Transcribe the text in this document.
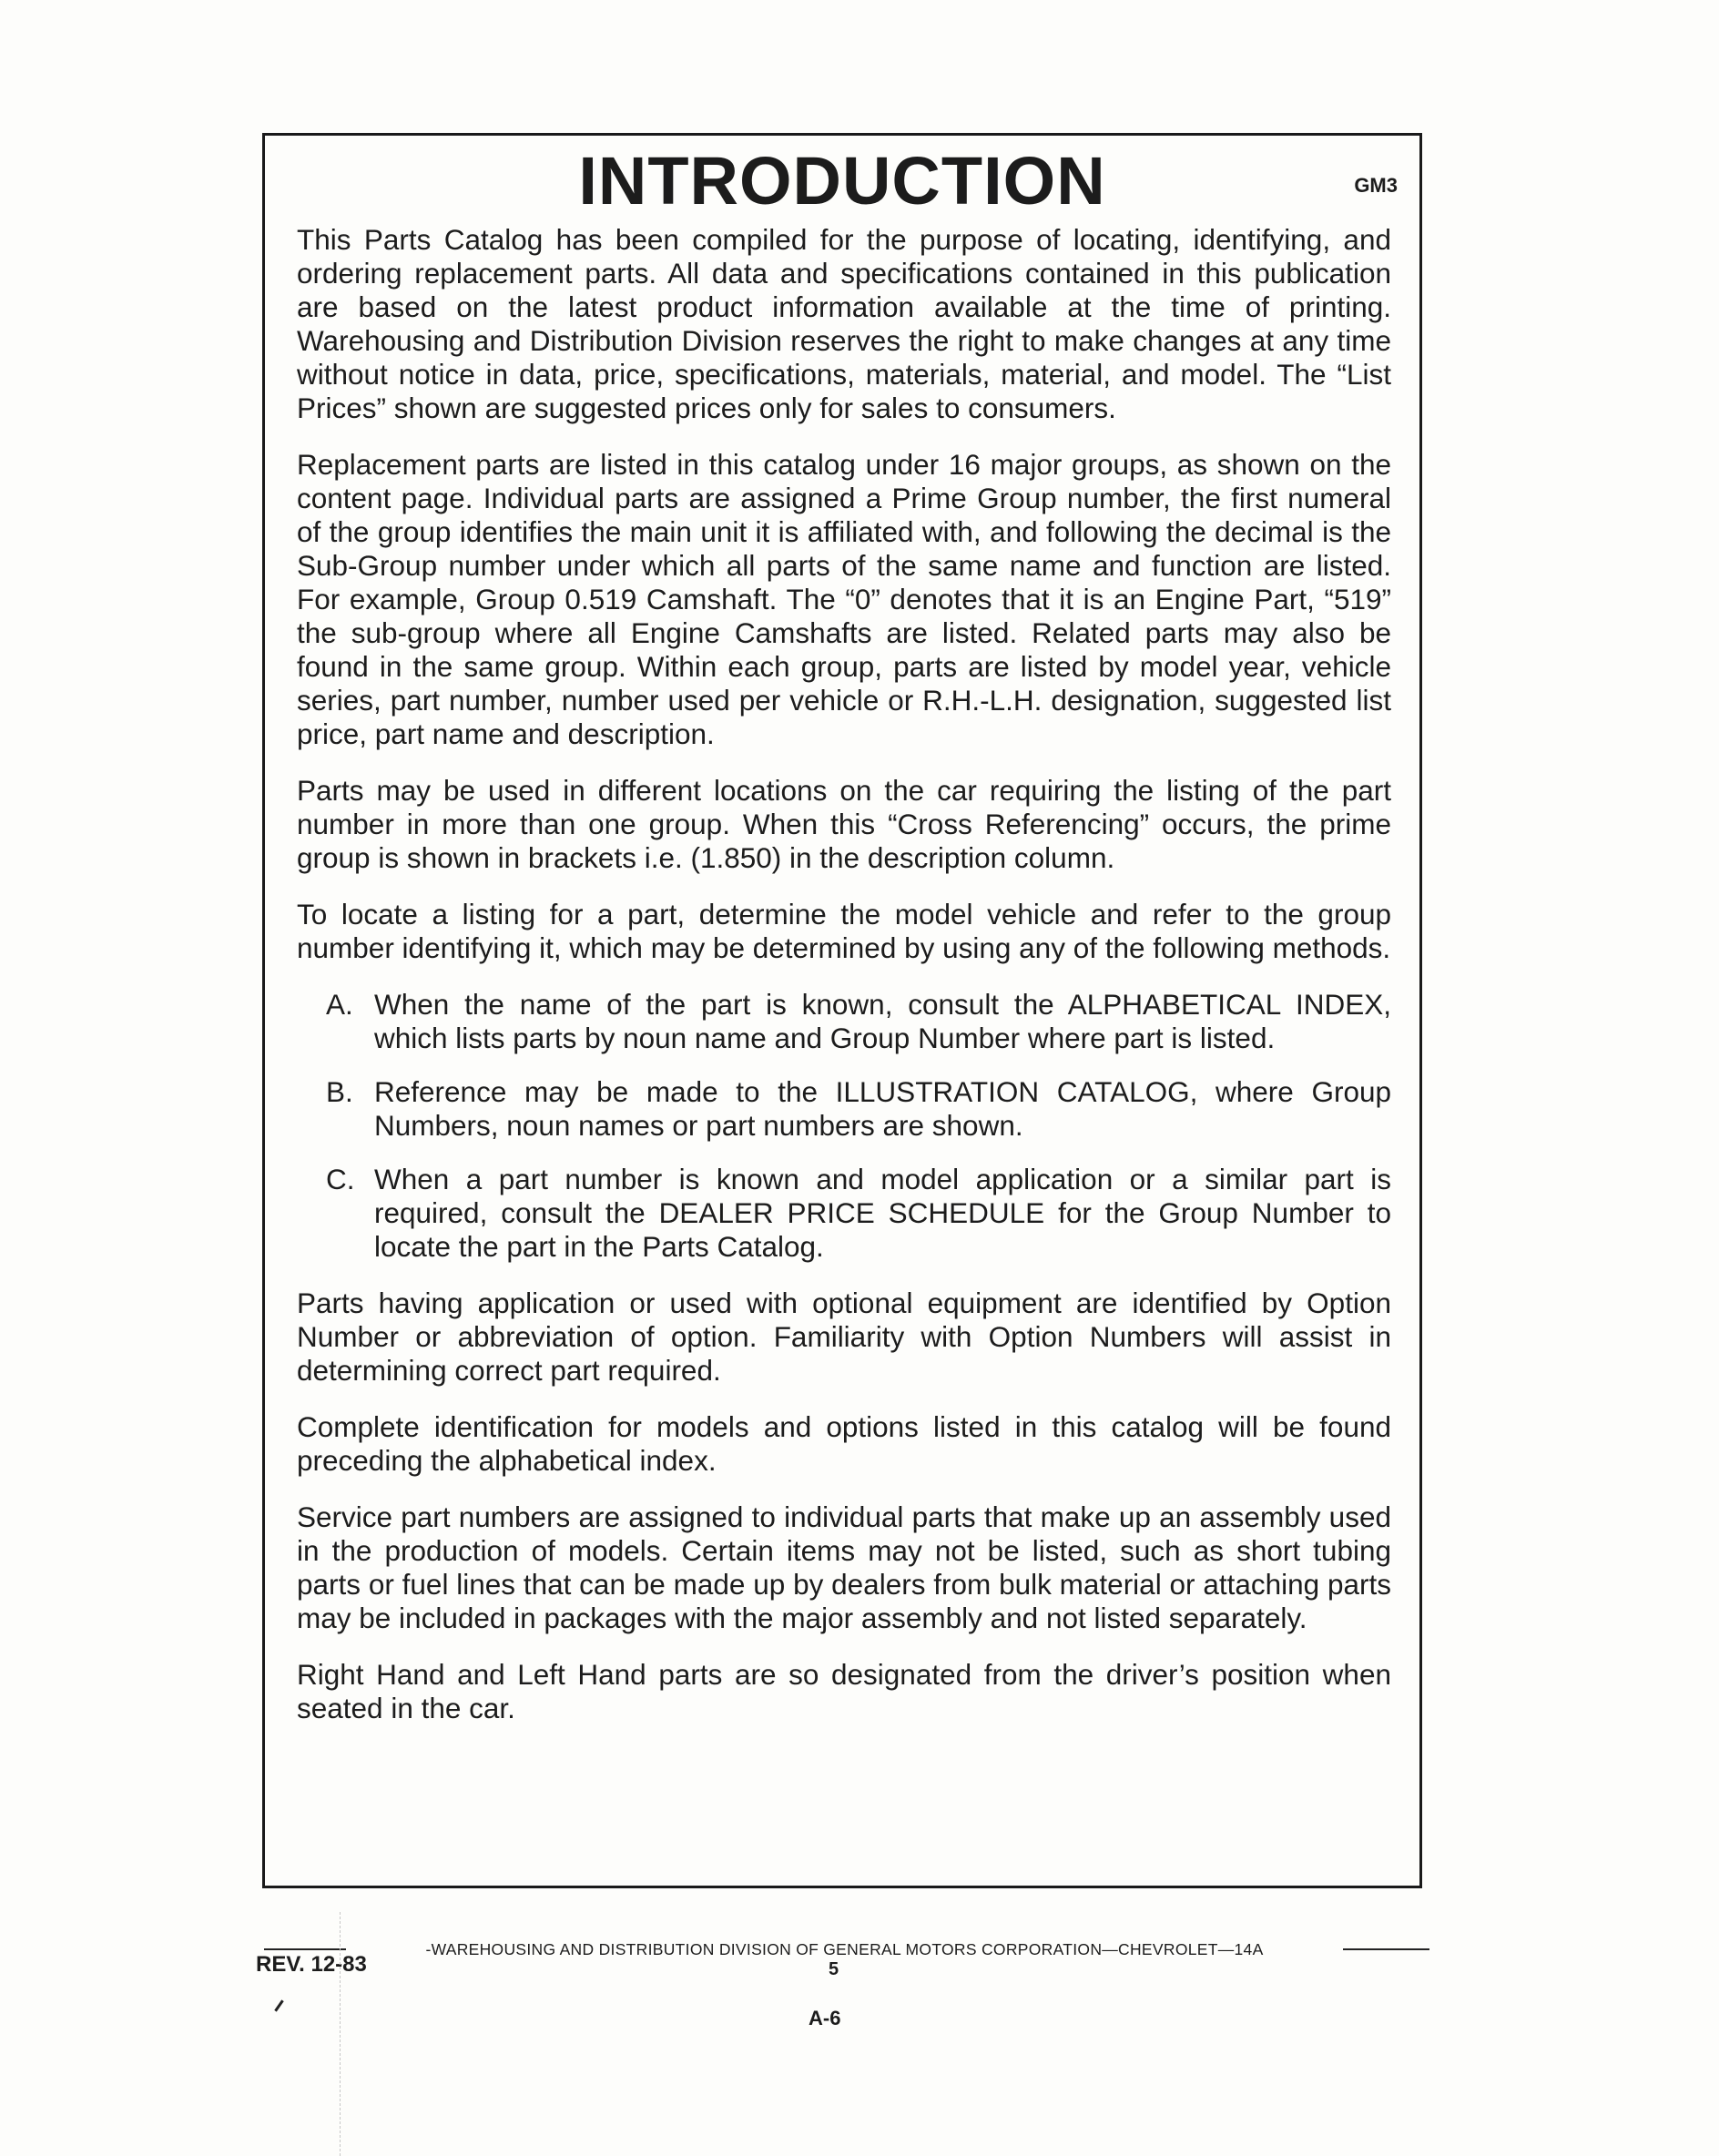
INTRODUCTION	GM3

This Parts Catalog has been compiled for the purpose of locating, identifying, and ordering replacement parts. All data and specifications contained in this publication are based on the latest product information available at the time of printing. Warehousing and Distribution Division reserves the right to make changes at any time without notice in data, price, specifications, materials, material, and model. The “List Prices” shown are suggested prices only for sales to consumers.

Replacement parts are listed in this catalog under 16 major groups, as shown on the content page. Individual parts are assigned a Prime Group number, the first numeral of the group identifies the main unit it is affiliated with, and following the decimal is the Sub-Group number under which all parts of the same name and function are listed. For example, Group 0.519 Camshaft. The “0” denotes that it is an Engine Part, “519” the sub-group where all Engine Camshafts are listed. Related parts may also be found in the same group. Within each group, parts are listed by model year, vehicle series, part number, number used per vehicle or R.H.-L.H. designation, suggested list price, part name and description.

Parts may be used in different locations on the car requiring the listing of the part number in more than one group. When this “Cross Referencing” occurs, the prime group is shown in brackets i.e. (1.850) in the description column.

To locate a listing for a part, determine the model vehicle and refer to the group number identifying it, which may be determined by using any of the following methods.

A. When the name of the part is known, consult the ALPHABETICAL INDEX, which lists parts by noun name and Group Number where part is listed.
B. Reference may be made to the ILLUSTRATION CATALOG, where Group Numbers, noun names or part numbers are shown.
C. When a part number is known and model application or a similar part is required, consult the DEALER PRICE SCHEDULE for the Group Number to locate the part in the Parts Catalog.

Parts having application or used with optional equipment are identified by Option Number or abbreviation of option. Familiarity with Option Numbers will assist in determining correct part required.

Complete identification for models and options listed in this catalog will be found preceding the alphabetical index.

Service part numbers are assigned to individual parts that make up an assembly used in the production of models. Certain items may not be listed, such as short tubing parts or fuel lines that can be made up by dealers from bulk material or attaching parts may be included in packages with the major assembly and not listed separately.

Right Hand and Left Hand parts are so designated from the driver’s position when seated in the car.

-WAREHOUSING AND DISTRIBUTION DIVISION OF GENERAL MOTORS CORPORATION—CHEVROLET—14A
REV. 12-83	5
A-6
